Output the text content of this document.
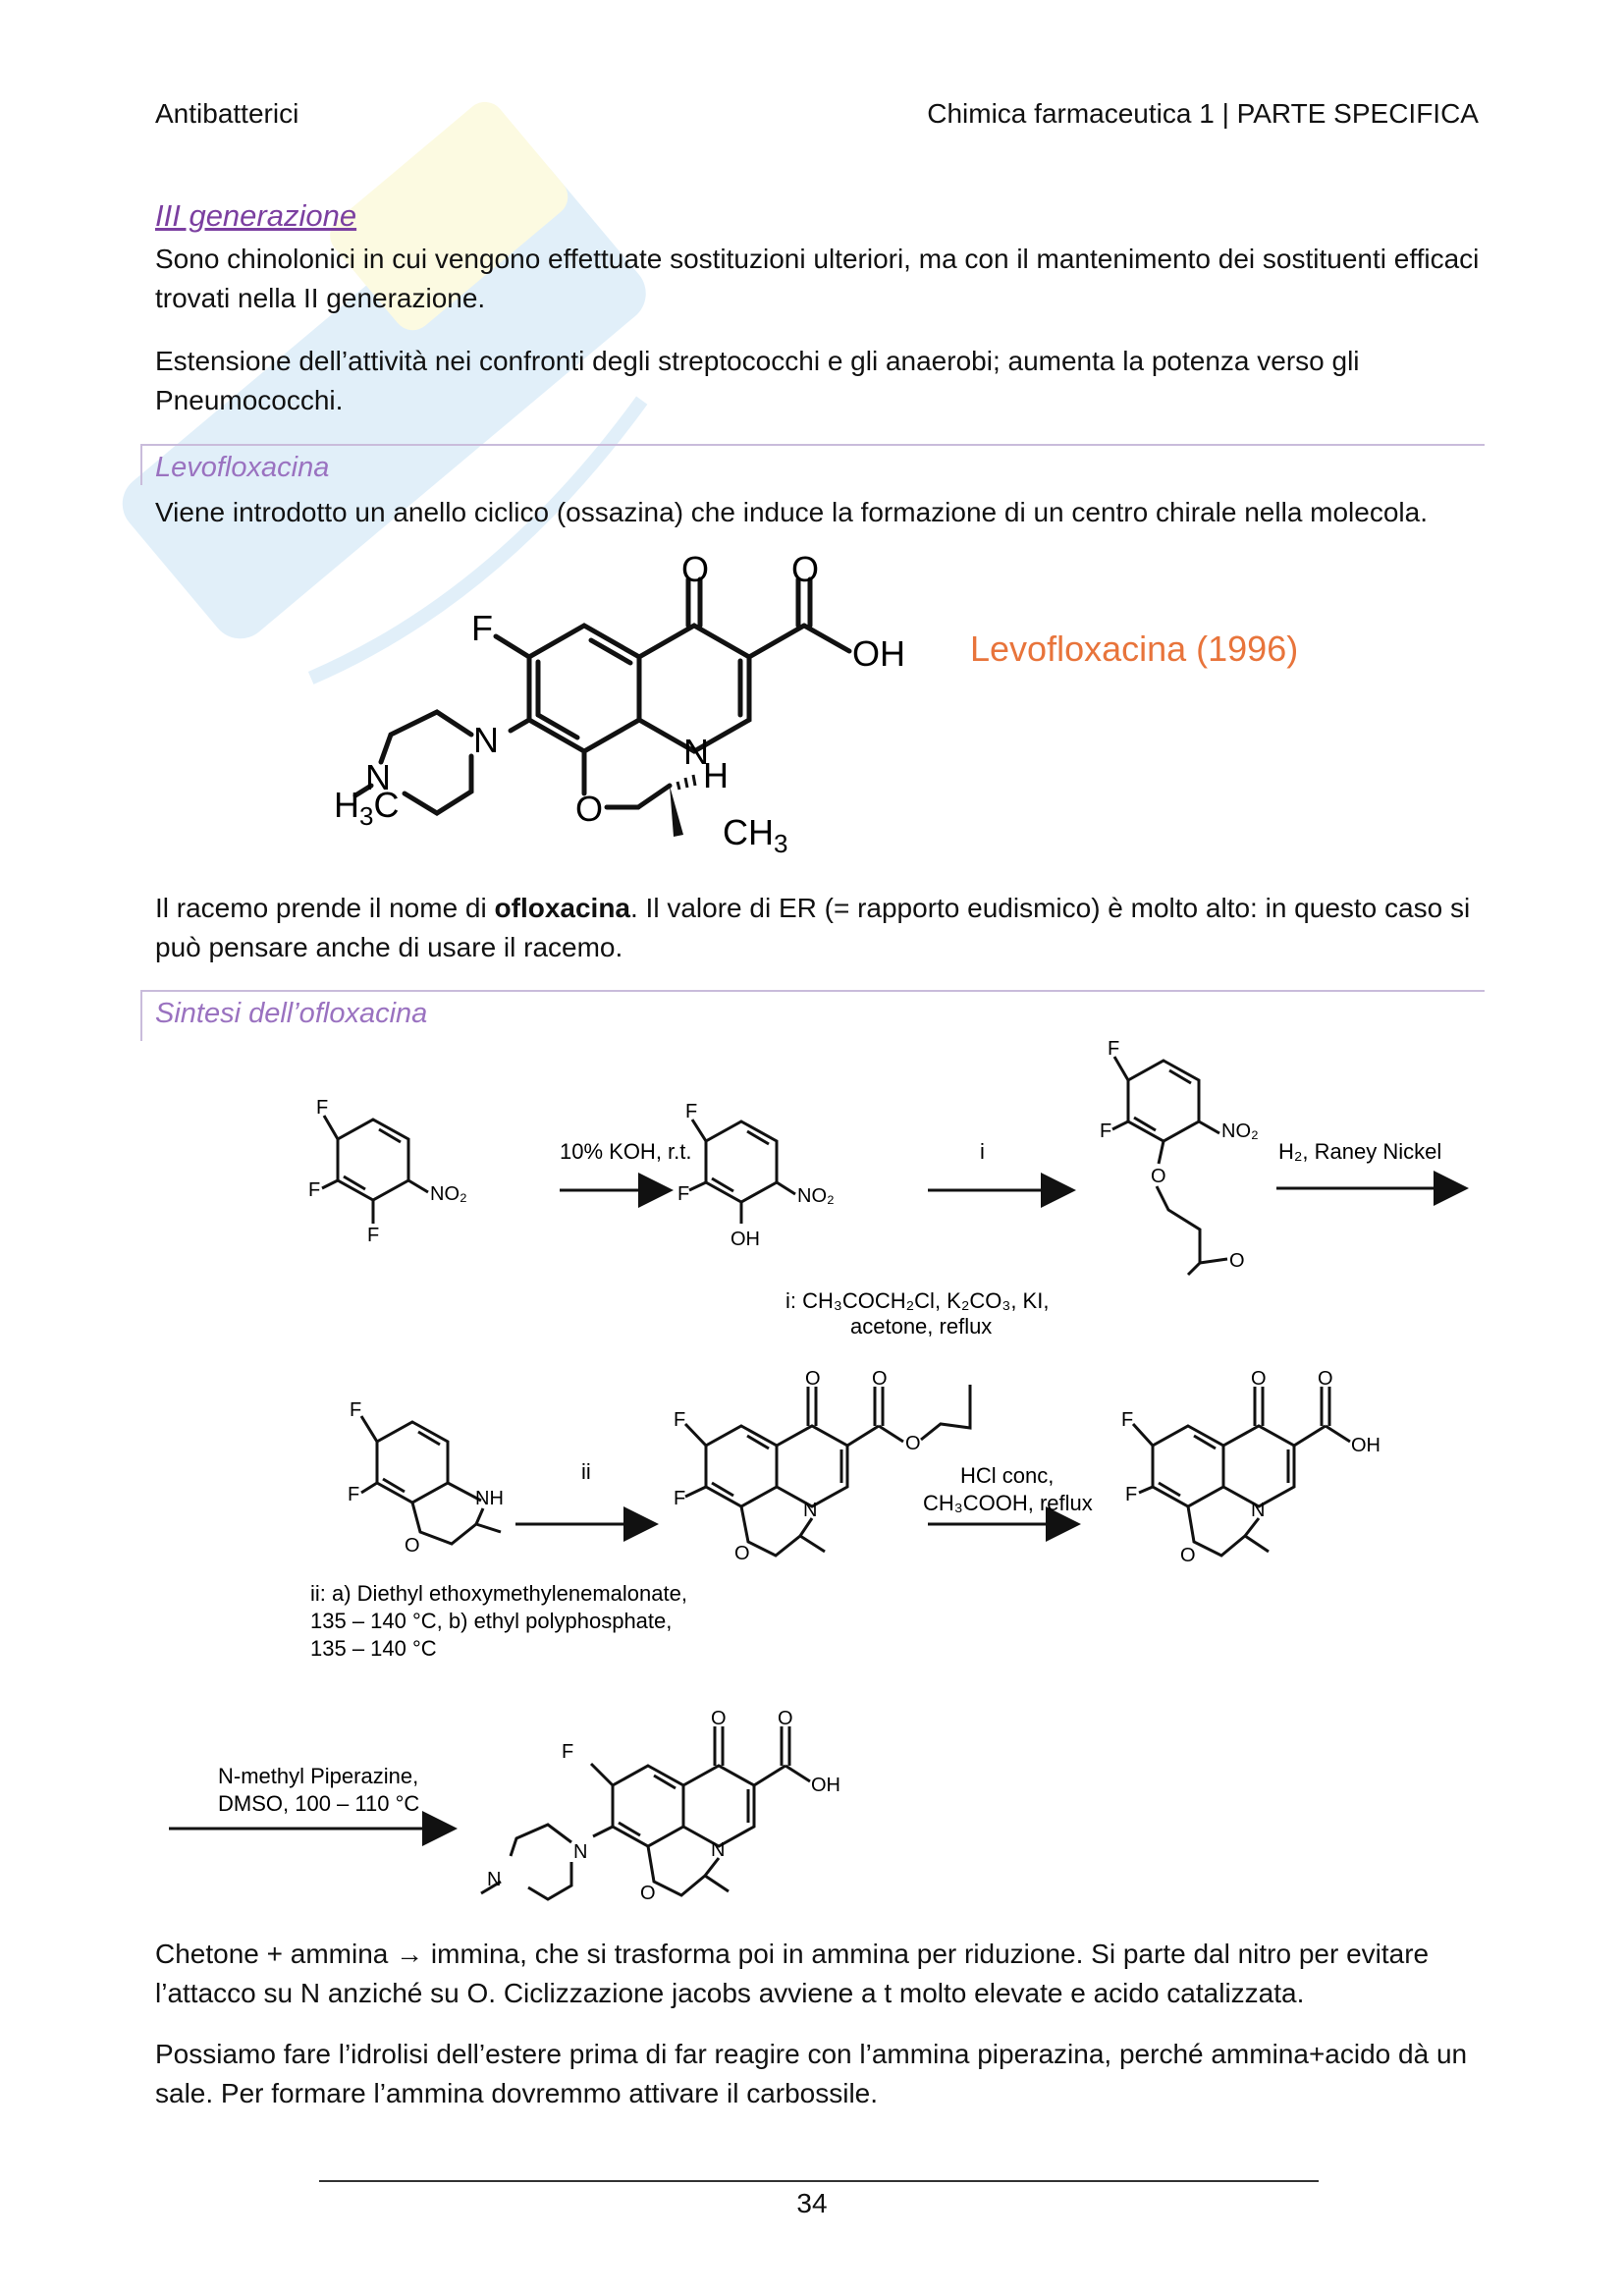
Antibatterici	Chimica farmaceutica 1 | PARTE SPECIFICA
III generazione

Sono chinolonici in cui vengono effettuate sostituzioni ulteriori, ma con il mantenimento dei sostituenti efficaci trovati nella II generazione.

Estensione dell’attività nei confronti degli streptococchi e gli anaerobi; aumenta la potenza verso gli Pneumococchi.

Levofloxacina

Viene introdotto un anello ciclico (ossazina) che induce la formazione di un centro chirale nella molecola.

O O
OH
F
N	N
O
H
N
$CH_3$
$H_3C$
Levofloxacina (1996)

Il racemo prende il nome di ofloxacina. Il valore di ER (= rapporto eudismico) è molto alto: in questo caso si può pensare anche di usare il racemo.

Sintesi dell’ofloxacina
F
F
F
NO₂
10% KOH, r.t.
F
F
OH
NO₂
i
F
F	NO₂
O
O
H₂, Raney Nickel
i: CH₃COCH₂Cl, K₂CO₃, KI,
acetone, reflux
F
F	NH
O
ii
F
F
O	O
O
N
O
HCl conc,
CH₃COOH, reflux
F
F
O	O
OH
N
O
ii: a) Diethyl ethoxymethylenemalonate,
135 – 140 °C, b) ethyl polyphosphate,
135 – 140 °C
N-methyl Piperazine,
DMSO, 100 – 110 °C
F
N
O	O
OH
N
O
N

Chetone + ammina → immina, che si trasforma poi in ammina per riduzione. Si parte dal nitro per evitare l’attacco su N anziché su O. Ciclizzazione jacobs avviene a t molto elevate e acido catalizzata.

Possiamo fare l’idrolisi dell’estere prima di far reagire con l’ammina piperazina, perché ammina+acido dà un sale. Per formare l’ammina dovremmo attivare il carbossile.

34
